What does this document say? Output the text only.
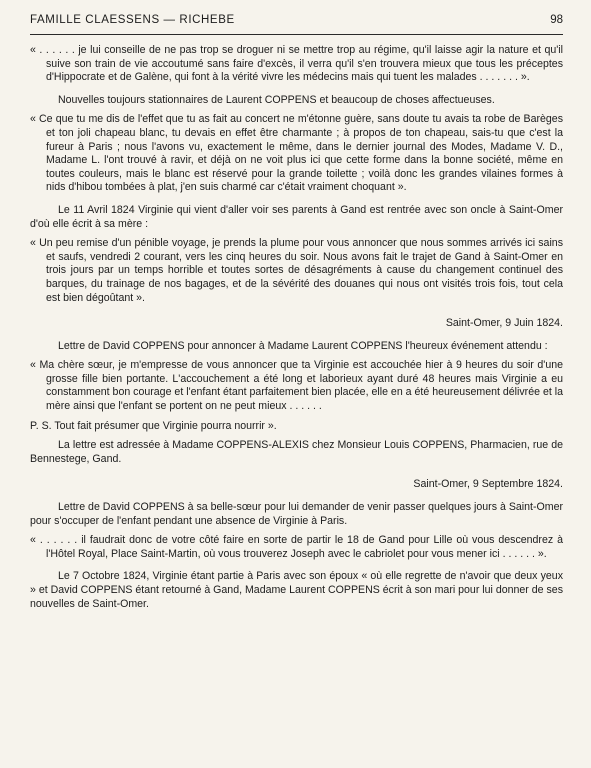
FAMILLE CLAESSENS — RICHEBE	98

« . . . . . . je lui conseille de ne pas trop se droguer ni se mettre trop au régime, qu'il laisse agir la nature et qu'il suive son train de vie accoutumé sans faire d'excès, il verra qu'il s'en trouvera mieux que tous les préceptes d'Hippocrate et de Galène, qui font à la vérité vivre les médecins mais qui tuent les malades . . . . . . . ».

Nouvelles toujours stationnaires de Laurent COPPENS et beaucoup de choses affectueuses.

« Ce que tu me dis de l'effet que tu as fait au concert ne m'étonne guère, sans doute tu avais ta robe de Barèges et ton joli chapeau blanc, tu devais en effet être charmante ; à propos de ton chapeau, sais-tu que c'est la fureur à Paris ; nous l'avons vu, exactement le même, dans le dernier journal des Modes, Madame V. D., Madame L. l'ont trouvé à ravir, et déjà on ne voit plus ici que cette forme dans la bonne société, même en toutes couleurs, mais le blanc est réservé pour la grande toilette ; voilà donc les grandes vilaines formes à nids d'hibou tombées à plat, j'en suis charmé car c'était vraiment choquant ».

Le 11 Avril 1824 Virginie qui vient d'aller voir ses parents à Gand est rentrée avec son oncle à Saint-Omer d'où elle écrit à sa mère :

« Un peu remise d'un pénible voyage, je prends la plume pour vous annoncer que nous sommes arrivés ici sains et saufs, vendredi 2 courant, vers les cinq heures du soir. Nous avons fait le trajet de Gand à Saint-Omer en trois jours par un temps horrible et toutes sortes de désagréments à cause du changement continuel des barques, du trainage de nos bagages, et de la sévérité des douanes qui nous ont visités trois fois, tout cela est bien dégoûtant ».

Saint-Omer, 9 Juin 1824.

Lettre de David COPPENS pour annoncer à Madame Laurent COPPENS l'heureux événement attendu :

« Ma chère sœur, je m'empresse de vous annoncer que ta Virginie est accouchée hier à 9 heures du soir d'une grosse fille bien portante. L'accouchement a été long et laborieux ayant duré 48 heures mais Virginie a eu constamment bon courage et l'enfant étant parfaitement bien placée, elle en a été heureusement délivrée et la mère ainsi que l'enfant se portent on ne peut mieux . . . . . .

P. S. Tout fait présumer que Virginie pourra nourrir ».

La lettre est adressée à Madame COPPENS-ALEXIS chez Monsieur Louis COPPENS, Pharmacien, rue de Bennestege, Gand.

Saint-Omer, 9 Septembre 1824.

Lettre de David COPPENS à sa belle-sœur pour lui demander de venir passer quelques jours à Saint-Omer pour s'occuper de l'enfant pendant une absence de Virginie à Paris.

« . . . . . . il faudrait donc de votre côté faire en sorte de partir le 18 de Gand pour Lille où vous descendrez à l'Hôtel Royal, Place Saint-Martin, où vous trouverez Joseph avec le cabriolet pour vous mener ici . . . . . . ».

Le 7 Octobre 1824, Virginie étant partie à Paris avec son époux « où elle regrette de n'avoir que deux yeux » et David COPPENS étant retourné à Gand, Madame Laurent COPPENS écrit à son mari pour lui donner de ses nouvelles de Saint-Omer.
